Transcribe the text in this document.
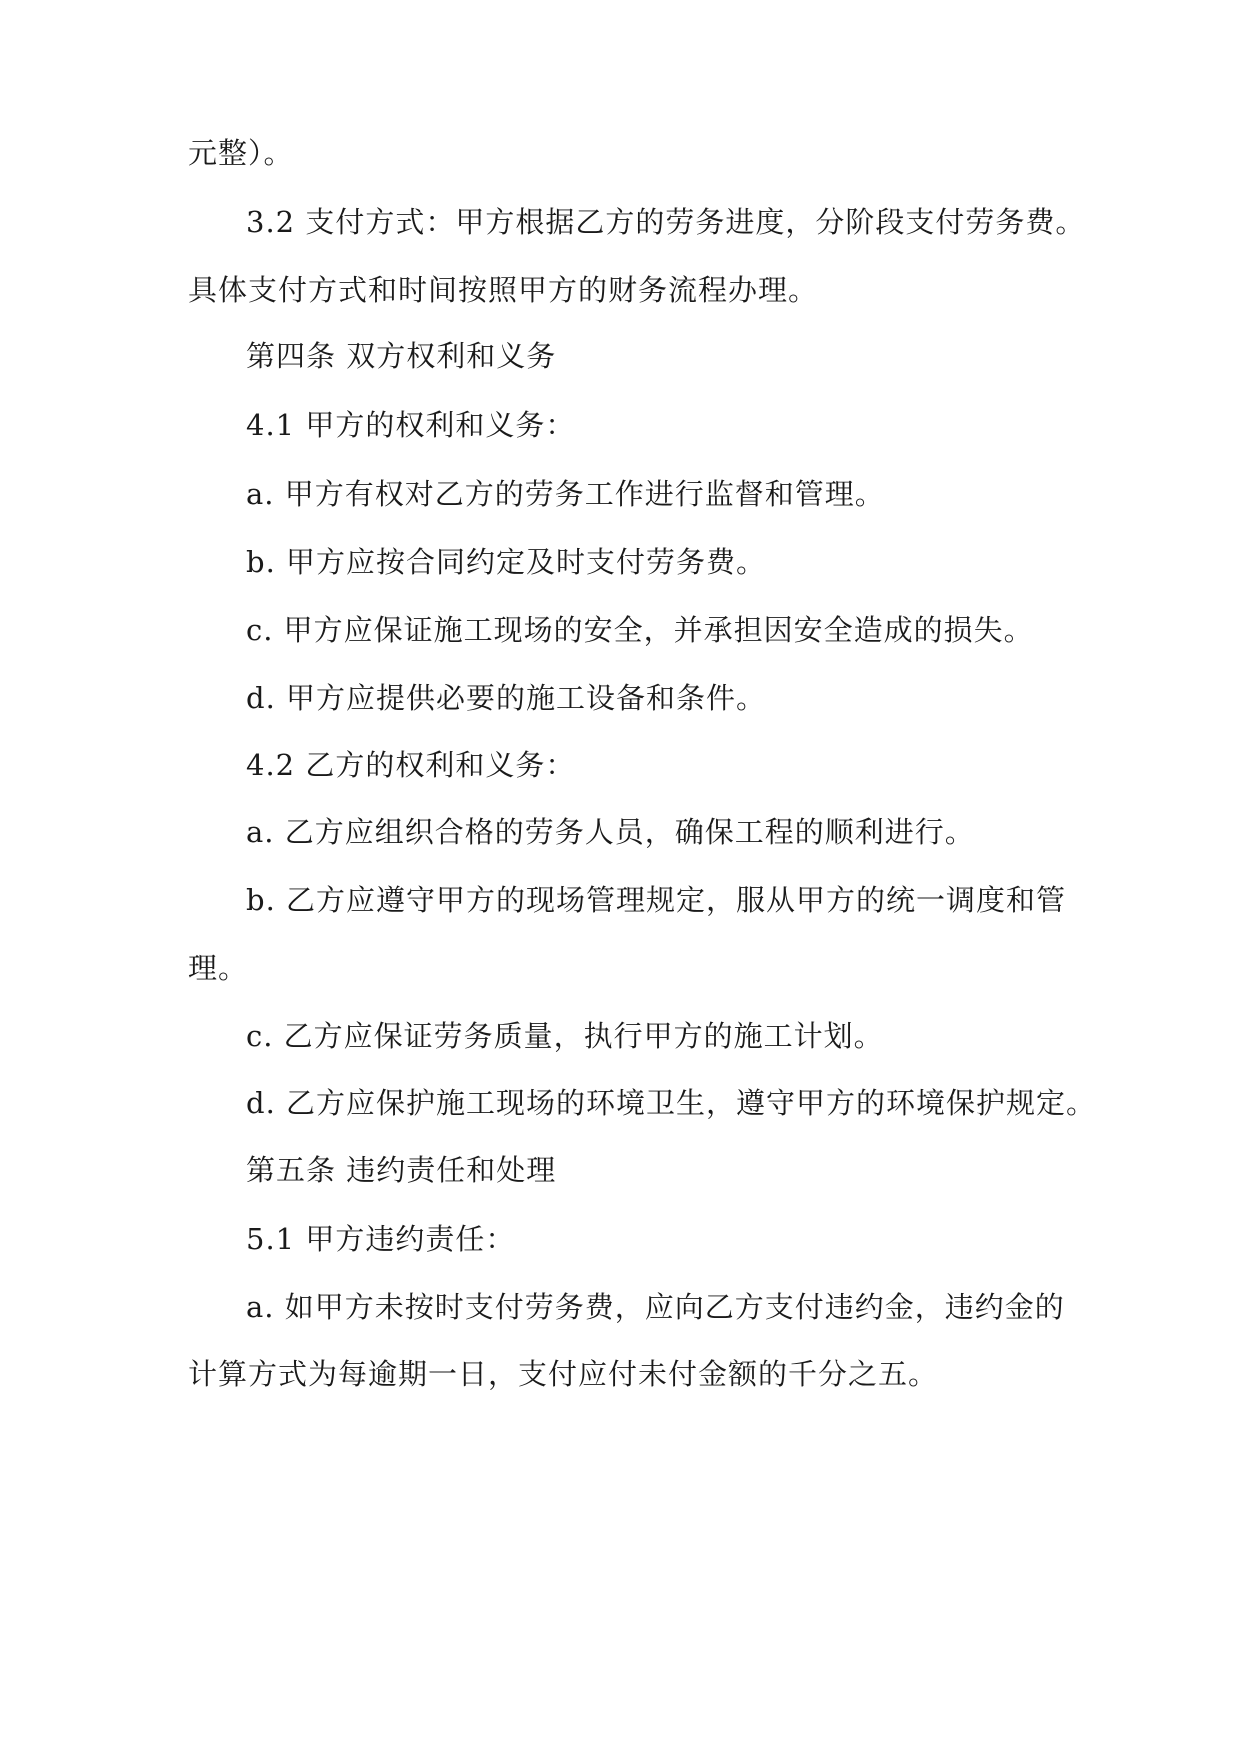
元整）。
3.2 支付方式：甲方根据乙方的劳务进度，分阶段支付劳务费。
具体支付方式和时间按照甲方的财务流程办理。
第四条 双方权利和义务
4.1 甲方的权利和义务：
a. 甲方有权对乙方的劳务工作进行监督和管理。
b. 甲方应按合同约定及时支付劳务费。
c. 甲方应保证施工现场的安全，并承担因安全造成的损失。
d. 甲方应提供必要的施工设备和条件。
4.2 乙方的权利和义务：
a. 乙方应组织合格的劳务人员，确保工程的顺利进行。
b. 乙方应遵守甲方的现场管理规定，服从甲方的统一调度和管
理。
c. 乙方应保证劳务质量，执行甲方的施工计划。
d. 乙方应保护施工现场的环境卫生，遵守甲方的环境保护规定。
第五条 违约责任和处理
5.1 甲方违约责任：
a. 如甲方未按时支付劳务费，应向乙方支付违约金，违约金的
计算方式为每逾期一日，支付应付未付金额的千分之五。
